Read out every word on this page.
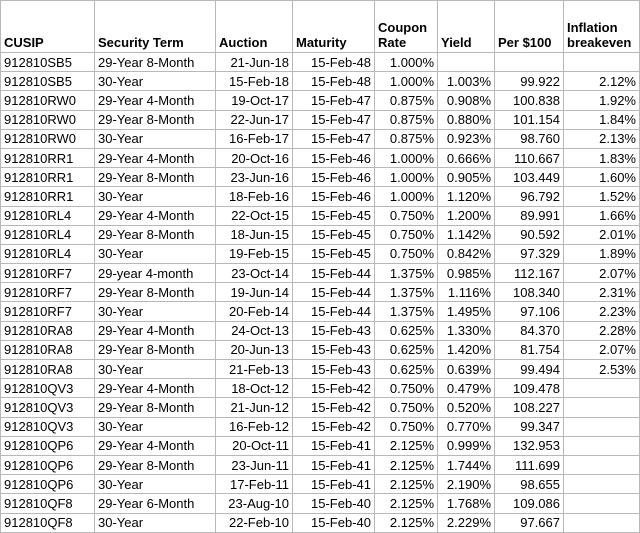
CUSIP	Security Term	Auction	Maturity	Coupon Rate	Yield	Per $100	Inflation breakeven
912810SB5	29-Year 8-Month	21-Jun-18	15-Feb-48	1.000%			
912810SB5	30-Year	15-Feb-18	15-Feb-48	1.000%	1.003%	99.922	2.12%
912810RW0	29-Year 4-Month	19-Oct-17	15-Feb-47	0.875%	0.908%	100.838	1.92%
912810RW0	29-Year 8-Month	22-Jun-17	15-Feb-47	0.875%	0.880%	101.154	1.84%
912810RW0	30-Year	16-Feb-17	15-Feb-47	0.875%	0.923%	98.760	2.13%
912810RR1	29-Year 4-Month	20-Oct-16	15-Feb-46	1.000%	0.666%	110.667	1.83%
912810RR1	29-Year 8-Month	23-Jun-16	15-Feb-46	1.000%	0.905%	103.449	1.60%
912810RR1	30-Year	18-Feb-16	15-Feb-46	1.000%	1.120%	96.792	1.52%
912810RL4	29-Year 4-Month	22-Oct-15	15-Feb-45	0.750%	1.200%	89.991	1.66%
912810RL4	29-Year 8-Month	18-Jun-15	15-Feb-45	0.750%	1.142%	90.592	2.01%
912810RL4	30-Year	19-Feb-15	15-Feb-45	0.750%	0.842%	97.329	1.89%
912810RF7	29-year 4-month	23-Oct-14	15-Feb-44	1.375%	0.985%	112.167	2.07%
912810RF7	29-Year 8-Month	19-Jun-14	15-Feb-44	1.375%	1.116%	108.340	2.31%
912810RF7	30-Year	20-Feb-14	15-Feb-44	1.375%	1.495%	97.106	2.23%
912810RA8	29-Year 4-Month	24-Oct-13	15-Feb-43	0.625%	1.330%	84.370	2.28%
912810RA8	29-Year 8-Month	20-Jun-13	15-Feb-43	0.625%	1.420%	81.754	2.07%
912810RA8	30-Year	21-Feb-13	15-Feb-43	0.625%	0.639%	99.494	2.53%
912810QV3	29-Year 4-Month	18-Oct-12	15-Feb-42	0.750%	0.479%	109.478	
912810QV3	29-Year 8-Month	21-Jun-12	15-Feb-42	0.750%	0.520%	108.227	
912810QV3	30-Year	16-Feb-12	15-Feb-42	0.750%	0.770%	99.347	
912810QP6	29-Year 4-Month	20-Oct-11	15-Feb-41	2.125%	0.999%	132.953	
912810QP6	29-Year 8-Month	23-Jun-11	15-Feb-41	2.125%	1.744%	111.699	
912810QP6	30-Year	17-Feb-11	15-Feb-41	2.125%	2.190%	98.655	
912810QF8	29-Year 6-Month	23-Aug-10	15-Feb-40	2.125%	1.768%	109.086	
912810QF8	30-Year	22-Feb-10	15-Feb-40	2.125%	2.229%	97.667	
